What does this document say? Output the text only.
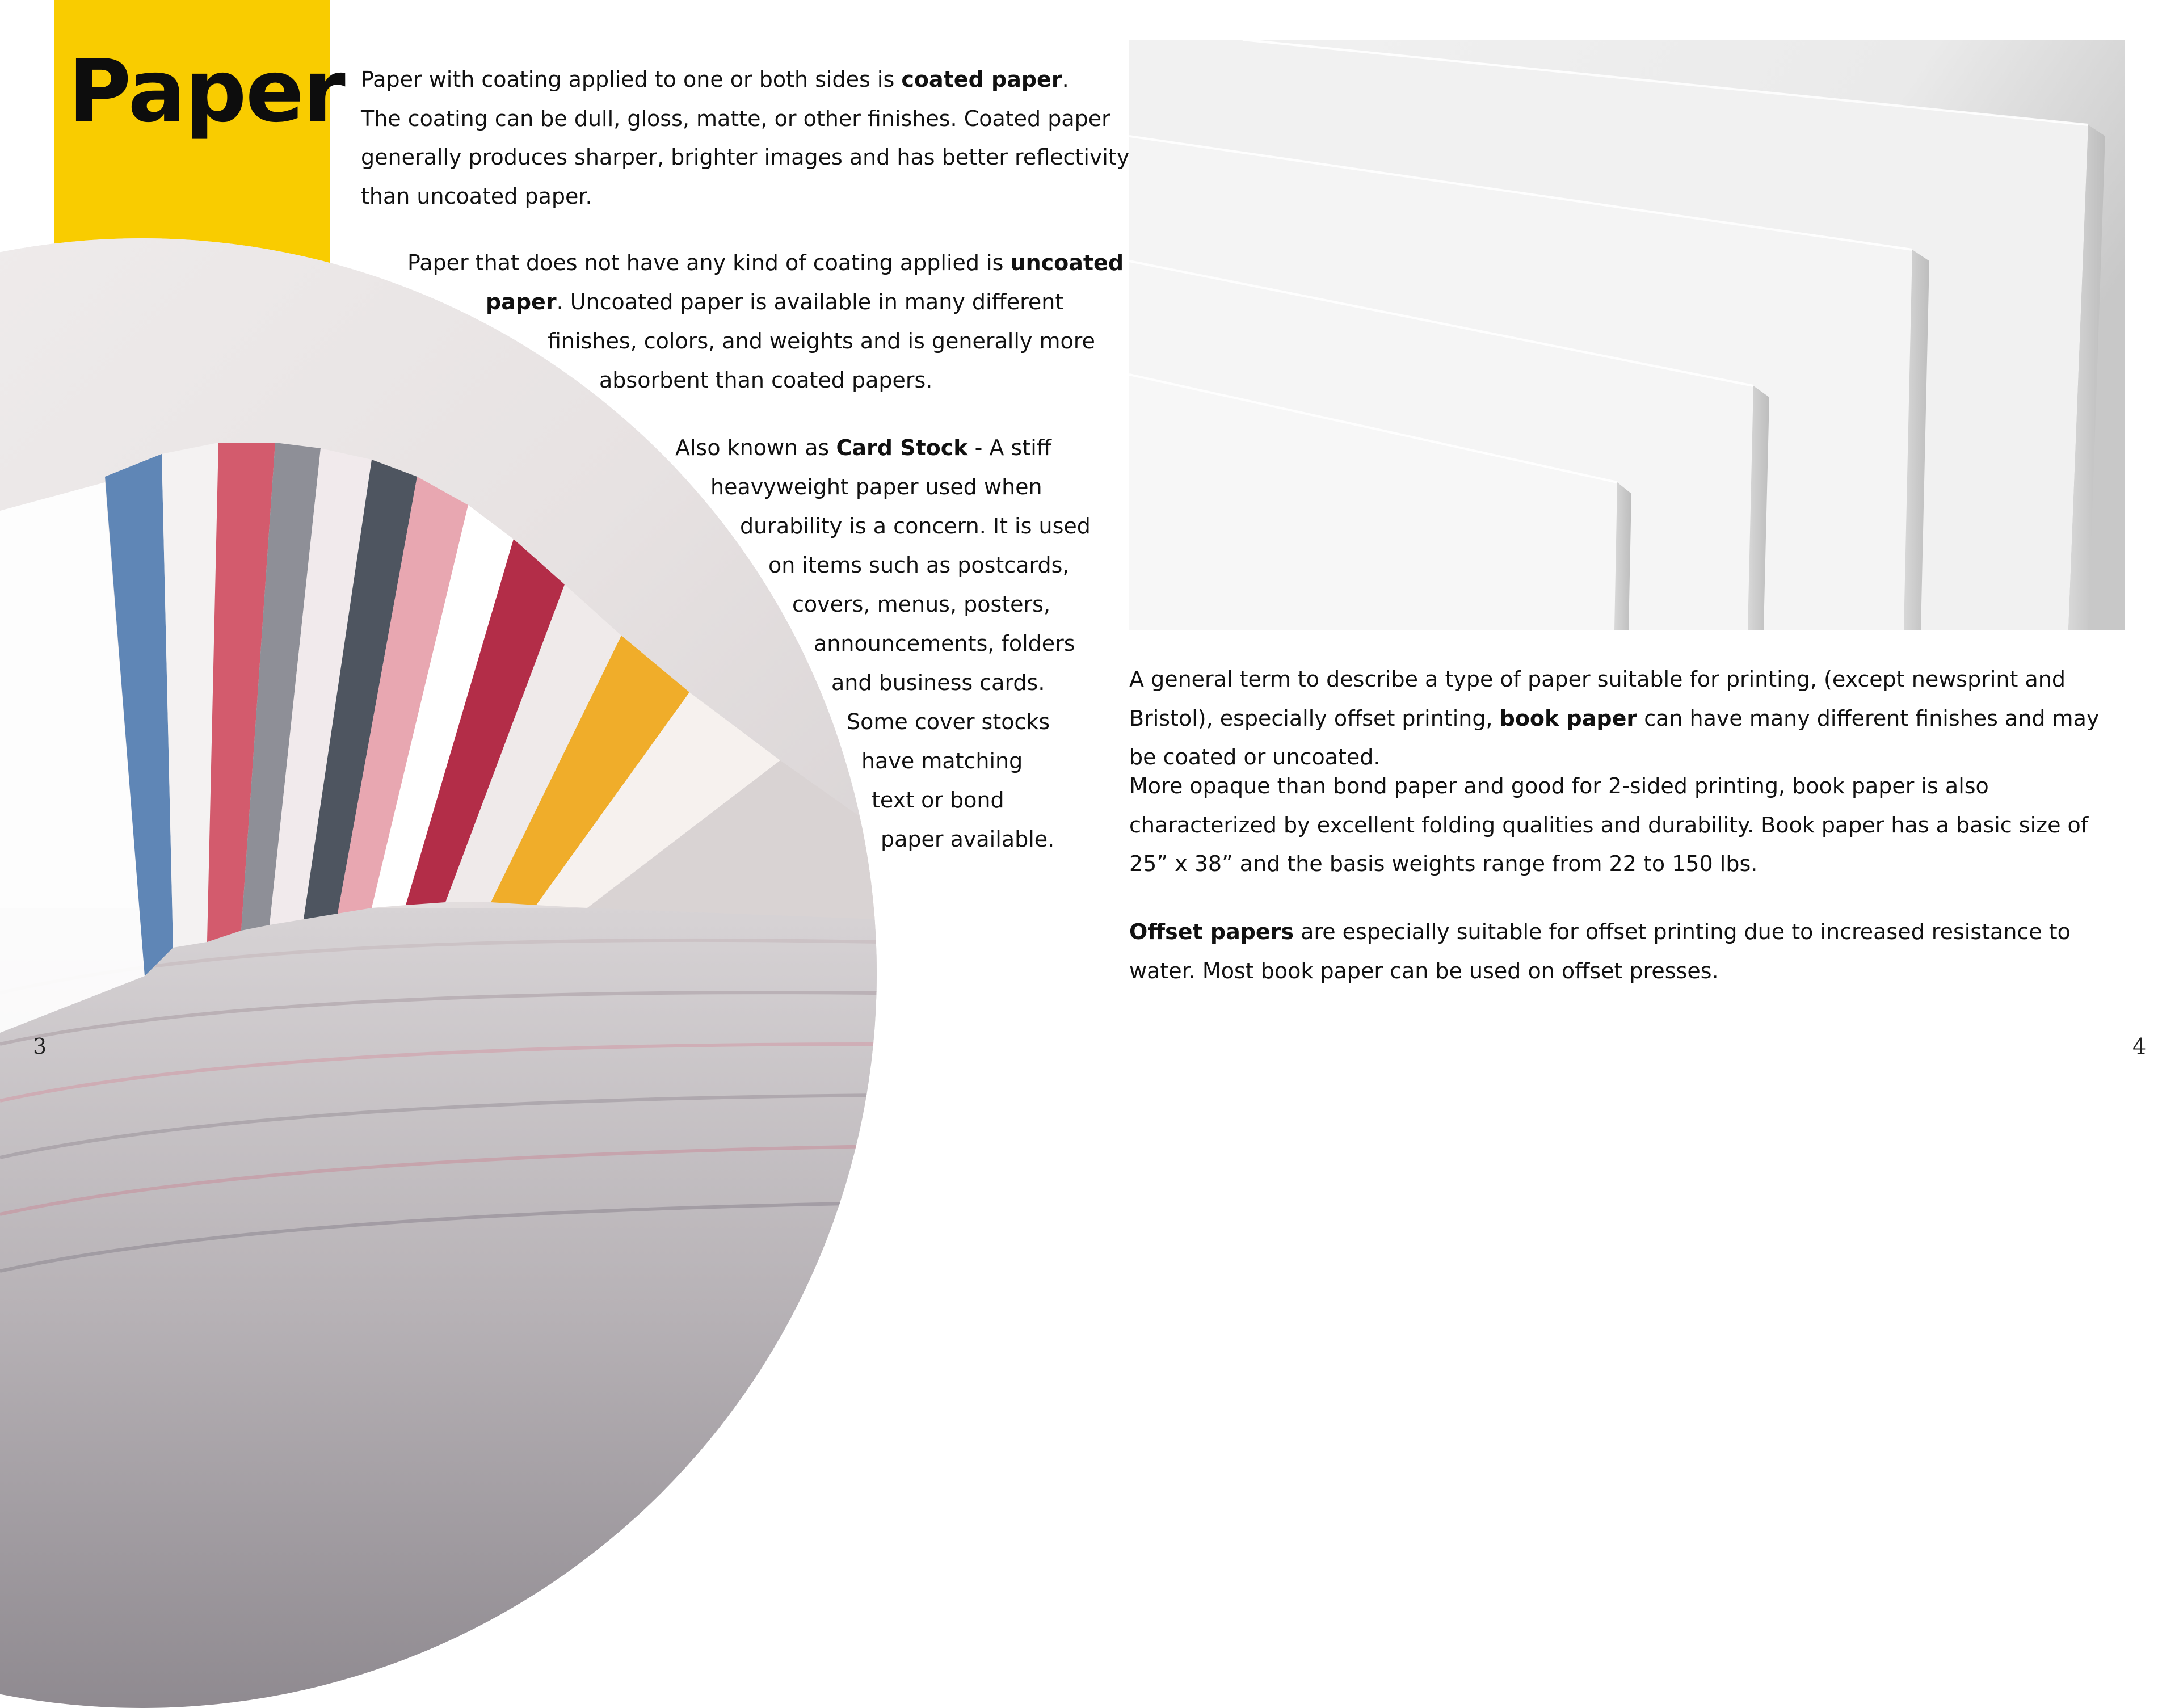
Paper Paper with coating applied to one or both sides is coated paper.
The coating can be dull, gloss, matte, or other finishes. Coated paper
generally produces sharper, brighter images and has better reflectivity
than uncoated paper.
Paper that does not have any kind of coating applied is uncoated
paper. Uncoated paper is available in many different
finishes, colors, and weights and is generally more
absorbent than coated papers.
Also known as Card Stock - A stiff
heavyweight paper used when
durability is a concern. It is used
on items such as postcards,
covers, menus, posters,
announcements, folders
and business cards.
Some cover stocks
have matching
text or bond
paper available.
3
A general term to describe a type of paper suitable for printing, (except newsprint and Bristol), especially offset printing, book paper can have many different finishes and may be coated or uncoated.
More opaque than bond paper and good for 2-sided printing, book paper is also characterized by excellent folding qualities and durability. Book paper has a basic size of 25” x 38” and the basis weights range from 22 to 150 lbs.
Offset papers are especially suitable for offset printing due to increased resistance to water. Most book paper can be used on offset presses.
4
